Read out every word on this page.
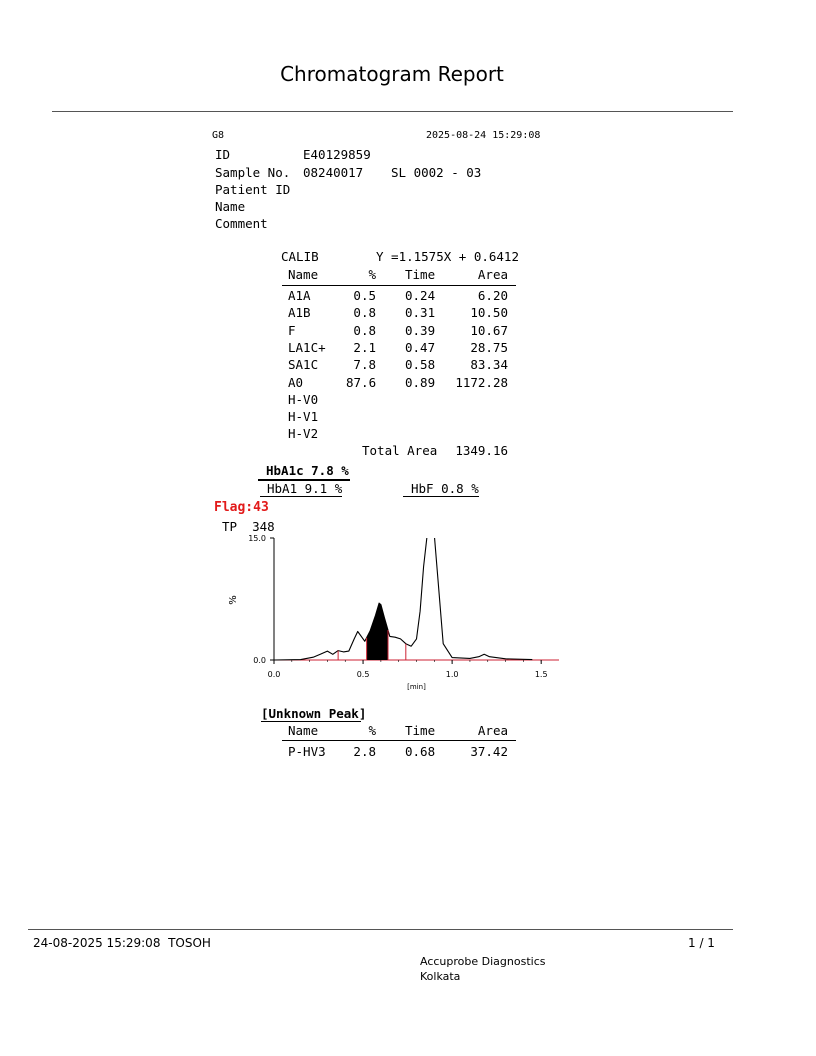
Chromatogram Report
G8	2025-08-24 15:29:08
ID	E40129859
Sample No. 08240017 SL 0002 - 03
Patient ID
Name
Comment
CALIB	Y =1.1575X + 0.6412
Name	% Time	Area
A1A	0.5 0.24	6.20
A1B	0.8 0.31	10.50
F	0.8 0.39	10.67
LA1C+	2.1 0.47	28.75
SA1C	7.8 0.58	83.34
A0	87.6 0.89	1172.28
H-V0
H-V1
H-V2
Total Area	1349.16
HbA1c 7.8 %
HbA1 9.1 %	HbF 0.8 %
Flag:43
TP  348
0.0	0.5	1.0	1.5
15.0
0.0
%
[min]
[Unknown Peak]
Name	% Time	Area
P-HV3	2.8 0.68	37.42
24-08-2025 15:29:08  TOSOH	1 / 1
Accuprobe Diagnostics
Kolkata
